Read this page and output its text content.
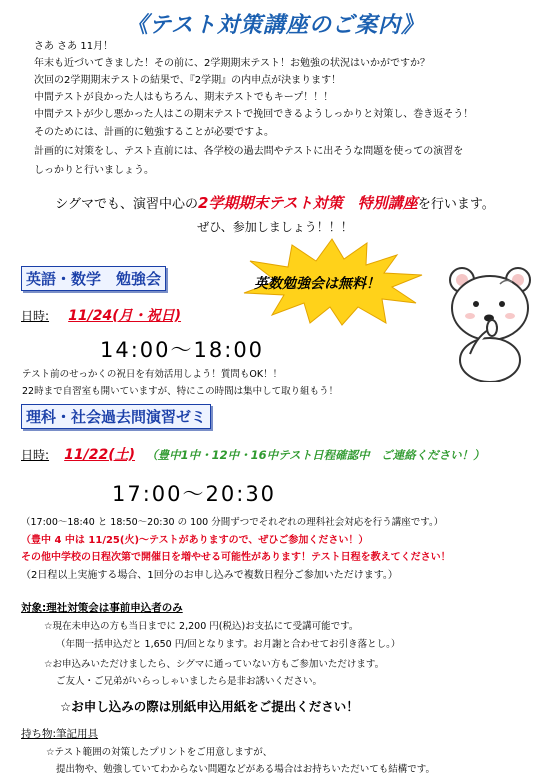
《テスト対策講座のご案内》
さあ さあ 11月！
年末も近づいてきました！その前に、2学期期末テスト！お勉強の状況はいかがですか？
次回の2学期期末テストの結果で、『2学期』の内申点が決まります！
中間テストが良かった人はもちろん、期末テストでもキープ！！！
中間テストが少し悪かった人はこの期末テストで挽回できるようしっかりと対策し、巻き返そう！
そのためには、計画的に勉強することが必要ですよ。
計画的に対策をし、テスト直前には、各学校の過去問やテストに出そうな問題を使っての演習を
しっかりと行いましょう。
シグマでも、演習中心の2学期期末テスト対策　特別講座を行います。
ぜひ、参加しましょう！！！
英数勉強会は無料！
英語・数学　勉強会
日時: 11/24(月・祝日)
14:00〜18:00
テスト前のせっかくの祝日を有効活用しよう！質問もOK！！
22時まで自習室も開いていますが、特にこの時間は集中して取り組もう！
理科・社会過去問演習ゼミ
日時: 11/22(土) （豊中1中・12中・16中テスト日程確認中　ご連絡ください！）
17:00〜20:30
（17:00〜18:40 と 18:50〜20:30 の 100 分間ずつでそれぞれの理科社会対応を行う講座です。）
（豊中 4 中は 11/25(火)〜テストがありますので、ぜひご参加ください！）
その他中学校の日程次第で開催日を増やせる可能性があります！テスト日程を教えてください！
（2日程以上実施する場合、1回分のお申し込みで複数日程分ご参加いただけます。）
対象:理社対策会は事前申込者のみ
☆現在未申込の方も当日までに 2,200 円(税込)お支払にて受講可能です。
（年間一括申込だと 1,650 円/回となります。お月謝と合わせてお引き落とし。）
☆お申込みいただけましたら、シグマに通っていない方もご参加いただけます。
ご友人・ご兄弟がいらっしゃいましたら是非お誘いください。
☆お申し込みの際は別紙申込用紙をご提出ください！
持ち物:筆記用具
☆テスト範囲の対策したプリントをご用意しますが、
提出物や、勉強していてわからない問題などがある場合はお持ちいただいても結構です。
